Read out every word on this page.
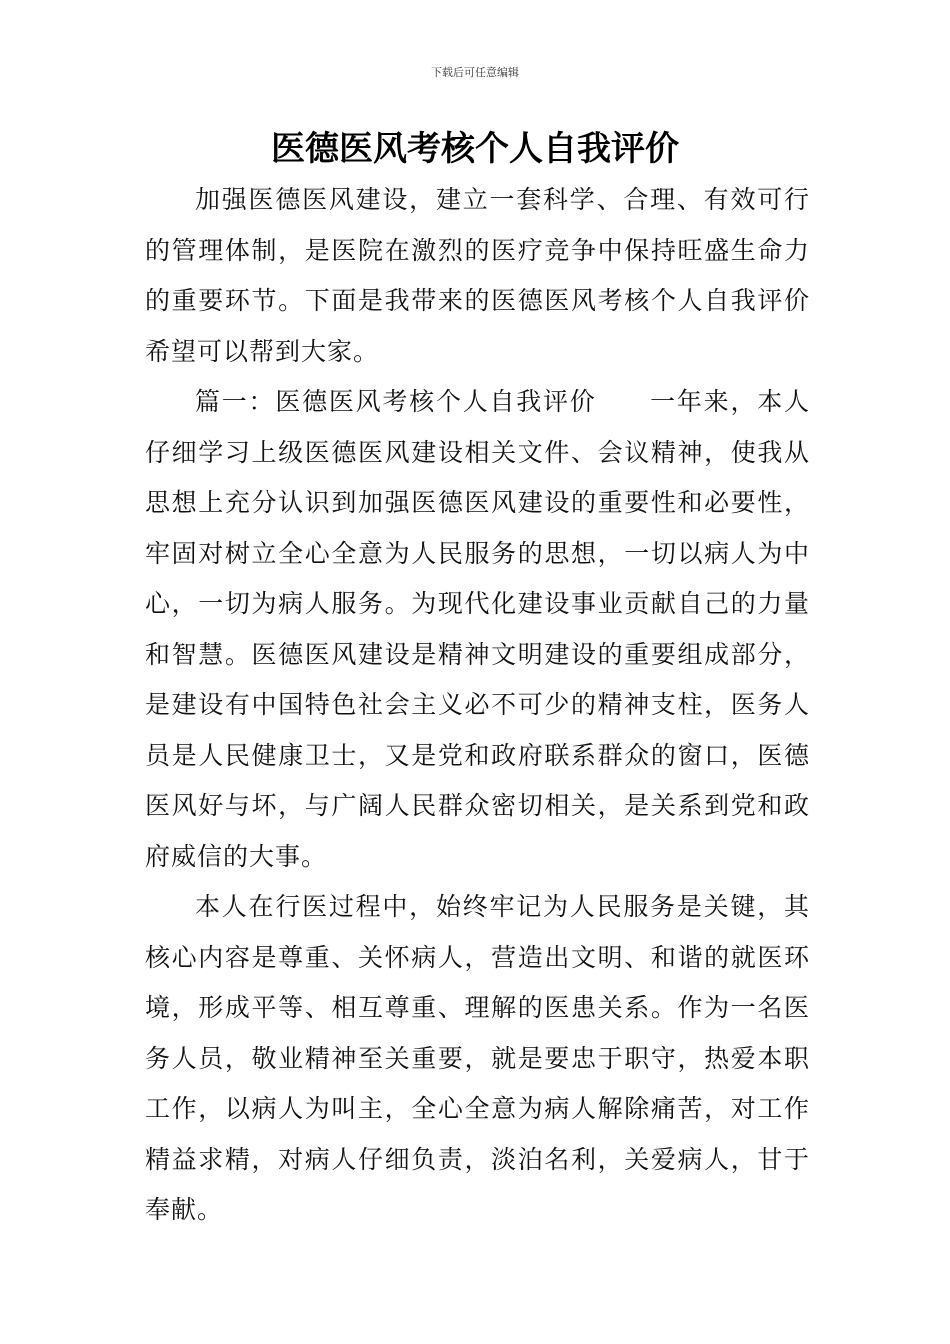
下载后可任意编辑
医德医风考核个人自我评价

加强医德医风建设，建立一套科学、合理、有效可行的管理体制，是医院在激烈的医疗竞争中保持旺盛生命力的重要环节。下面是我带来的医德医风考核个人自我评价希望可以帮到大家。

篇一：医德医风考核个人自我评价　　一年来，本人仔细学习上级医德医风建设相关文件、会议精神，使我从思想上充分认识到加强医德医风建设的重要性和必要性，牢固对树立全心全意为人民服务的思想，一切以病人为中心，一切为病人服务。为现代化建设事业贡献自己的力量和智慧。医德医风建设是精神文明建设的重要组成部分，是建设有中国特色社会主义必不可少的精神支柱，医务人员是人民健康卫士，又是党和政府联系群众的窗口，医德医风好与坏，与广阔人民群众密切相关，是关系到党和政府威信的大事。

本人在行医过程中，始终牢记为人民服务是关键，其核心内容是尊重、关怀病人，营造出文明、和谐的就医环境，形成平等、相互尊重、理解的医患关系。作为一名医务人员，敬业精神至关重要，就是要忠于职守，热爱本职工作，以病人为叫主，全心全意为病人解除痛苦，对工作精益求精，对病人仔细负责，淡泊名利，关爱病人，甘于奉献。
